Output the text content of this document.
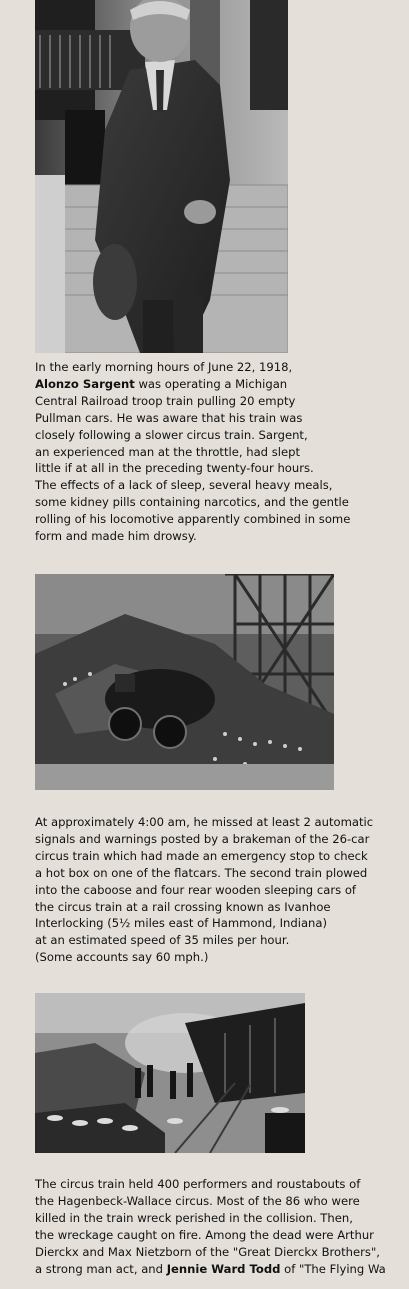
In the early morning hours of June 22, 1918,
Alonzo Sargent was operating a Michigan
Central Railroad troop train pulling 20 empty
Pullman cars. He was aware that his train was
closely following a slower circus train. Sargent,
an experienced man at the throttle, had slept
little if at all in the preceding twenty-four hours.
The effects of a lack of sleep, several heavy meals,
some kidney pills containing narcotics, and the gentle
rolling of his locomotive apparently combined in some
form and made him drowsy.

At approximately 4:00 am, he missed at least 2 automatic
signals and warnings posted by a brakeman of the 26-car
circus train which had made an emergency stop to check
a hot box on one of the flatcars. The second train plowed
into the caboose and four rear wooden sleeping cars of
the circus train at a rail crossing known as Ivanhoe
Interlocking (5½ miles east of Hammond, Indiana)
at an estimated speed of 35 miles per hour.
(Some accounts say 60 mph.)

The circus train held 400 performers and roustabouts of
the Hagenbeck-Wallace circus. Most of the 86 who were
killed in the train wreck perished in the collision. Then,
the wreckage caught on fire. Among the dead were Arthur
Dierckx and Max Nietzborn of the "Great Dierckx Brothers",
a strong man act, and Jennie Ward Todd of "The Flying Wa
